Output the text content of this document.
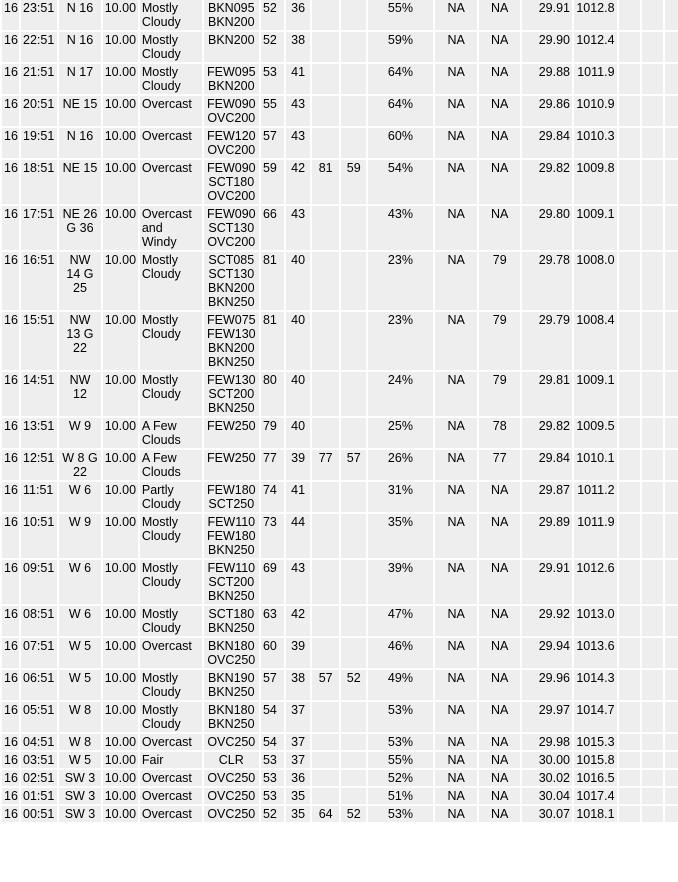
16	23:51	N 16	10.00	Mostly Cloudy	BKN095 BKN200	52	36			55%	NA	NA	29.91	1012.8			
16	22:51	N 16	10.00	Mostly Cloudy	BKN200	52	38			59%	NA	NA	29.90	1012.4			
16	21:51	N 17	10.00	Mostly Cloudy	FEW095 BKN200	53	41			64%	NA	NA	29.88	1011.9			
16	20:51	NE 15	10.00	Overcast	FEW090 OVC200	55	43			64%	NA	NA	29.86	1010.9			
16	19:51	N 16	10.00	Overcast	FEW120 OVC200	57	43			60%	NA	NA	29.84	1010.3			
16	18:51	NE 15	10.00	Overcast	FEW090 SCT180 OVC200	59	42	81	59	54%	NA	NA	29.82	1009.8			
16	17:51	NE 26 G 36	10.00	Overcast and Windy	FEW090 SCT130 OVC200	66	43			43%	NA	NA	29.80	1009.1			
16	16:51	NW 14 G 25	10.00	Mostly Cloudy	SCT085 SCT130 BKN200 BKN250	81	40			23%	NA	79	29.78	1008.0			
16	15:51	NW 13 G 22	10.00	Mostly Cloudy	FEW075 FEW130 BKN200 BKN250	81	40			23%	NA	79	29.79	1008.4			
16	14:51	NW 12	10.00	Mostly Cloudy	FEW130 SCT200 BKN250	80	40			24%	NA	79	29.81	1009.1			
16	13:51	W 9	10.00	A Few Clouds	FEW250	79	40			25%	NA	78	29.82	1009.5			
16	12:51	W 8 G 22	10.00	A Few Clouds	FEW250	77	39	77	57	26%	NA	77	29.84	1010.1			
16	11:51	W 6	10.00	Partly Cloudy	FEW180 SCT250	74	41			31%	NA	NA	29.87	1011.2			
16	10:51	W 9	10.00	Mostly Cloudy	FEW110 FEW180 BKN250	73	44			35%	NA	NA	29.89	1011.9			
16	09:51	W 6	10.00	Mostly Cloudy	FEW110 SCT200 BKN250	69	43			39%	NA	NA	29.91	1012.6			
16	08:51	W 6	10.00	Mostly Cloudy	SCT180 BKN250	63	42			47%	NA	NA	29.92	1013.0			
16	07:51	W 5	10.00	Overcast	BKN180 OVC250	60	39			46%	NA	NA	29.94	1013.6			
16	06:51	W 5	10.00	Mostly Cloudy	BKN190 BKN250	57	38	57	52	49%	NA	NA	29.96	1014.3			
16	05:51	W 8	10.00	Mostly Cloudy	BKN180 BKN250	54	37			53%	NA	NA	29.97	1014.7			
16	04:51	W 8	10.00	Overcast	OVC250	54	37			53%	NA	NA	29.98	1015.3			
16	03:51	W 5	10.00	Fair	CLR	53	37			55%	NA	NA	30.00	1015.8			
16	02:51	SW 3	10.00	Overcast	OVC250	53	36			52%	NA	NA	30.02	1016.5			
16	01:51	SW 3	10.00	Overcast	OVC250	53	35			51%	NA	NA	30.04	1017.4			
16	00:51	SW 3	10.00	Overcast	OVC250	52	35	64	52	53%	NA	NA	30.07	1018.1			
